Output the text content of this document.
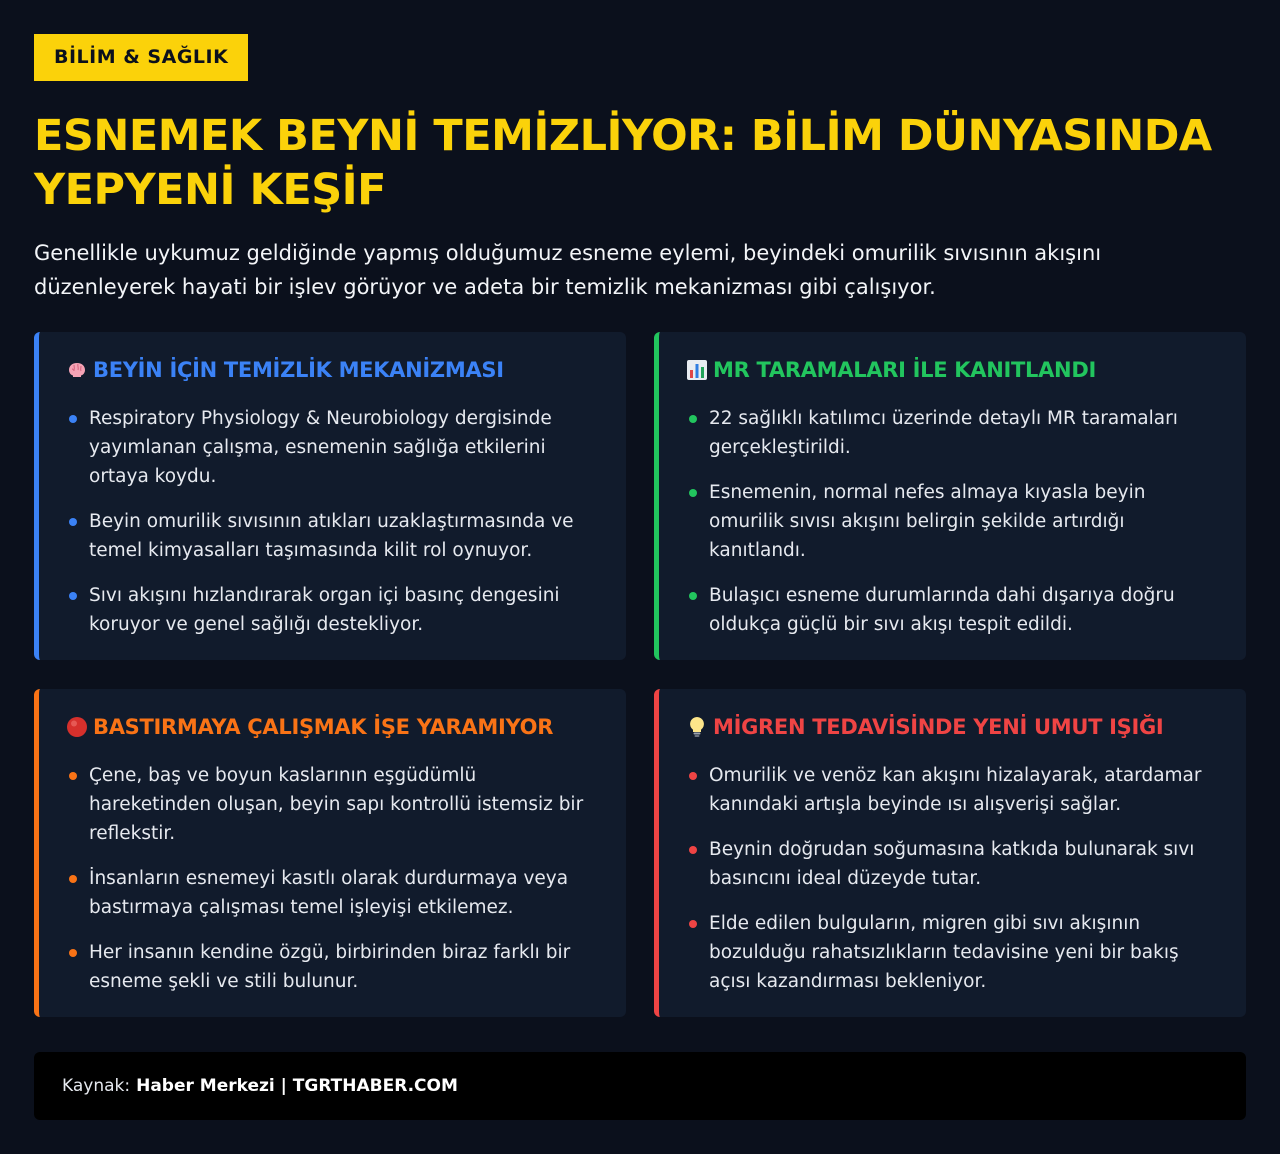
BİLİM & SAĞLIK
ESNEMEK BEYNİ TEMİZLİYOR: BİLİM DÜNYASINDA YEPYENİ KEŞİF

Genellikle uykumuz geldiğinde yapmış olduğumuz esneme eylemi, beyindeki omurilik sıvısının akışını düzenleyerek hayati bir işlev görüyor ve adeta bir temizlik mekanizması gibi çalışıyor.

BEYİN İÇİN TEMİZLİK MEKANİZMASI
Respiratory Physiology & Neurobiology dergisinde yayımlanan çalışma, esnemenin sağlığa etkilerini ortaya koydu.
Beyin omurilik sıvısının atıkları uzaklaştırmasında ve temel kimyasalları taşımasında kilit rol oynuyor.
Sıvı akışını hızlandırarak organ içi basınç dengesini koruyor ve genel sağlığı destekliyor.
MR TARAMALARI İLE KANITLANDI
22 sağlıklı katılımcı üzerinde detaylı MR taramaları gerçekleştirildi.
Esnemenin, normal nefes almaya kıyasla beyin omurilik sıvısı akışını belirgin şekilde artırdığı kanıtlandı.
Bulaşıcı esneme durumlarında dahi dışarıya doğru oldukça güçlü bir sıvı akışı tespit edildi.
BASTIRMAYA ÇALIŞMAK İŞE YARAMIYOR
Çene, baş ve boyun kaslarının eşgüdümlü hareketinden oluşan, beyin sapı kontrollü istemsiz bir reflekstir.
İnsanların esnemeyi kasıtlı olarak durdurmaya veya bastırmaya çalışması temel işleyişi etkilemez.
Her insanın kendine özgü, birbirinden biraz farklı bir esneme şekli ve stili bulunur.
MİGREN TEDAVİSİNDE YENİ UMUT IŞIĞI
Omurilik ve venöz kan akışını hizalayarak, atardamar kanındaki artışla beyinde ısı alışverişi sağlar.
Beynin doğrudan soğumasına katkıda bulunarak sıvı basıncını ideal düzeyde tutar.
Elde edilen bulguların, migren gibi sıvı akışının bozulduğu rahatsızlıkların tedavisine yeni bir bakış açısı kazandırması bekleniyor.
Kaynak: Haber Merkezi | TGRTHABER.COM
